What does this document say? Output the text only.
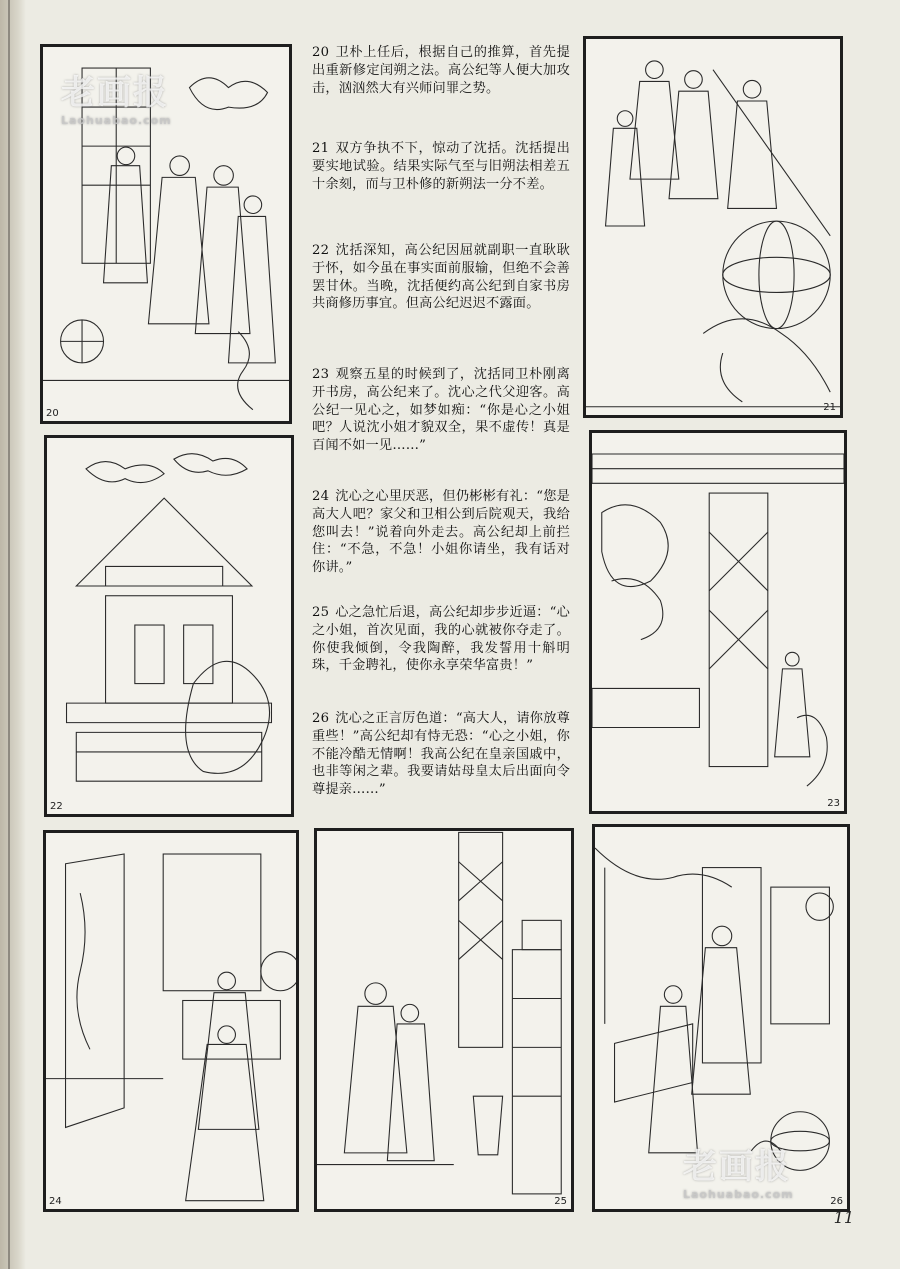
老画报
Laohuabao.com
20
21
22	23
24	25
老画报
Laohuabao.com
26
20 卫朴上任后，根据自己的推算，首先提出重新修定闰朔之法。高公纪等人便大加攻击，汹汹然大有兴师问罪之势。
21 双方争执不下，惊动了沈括。沈括提出要实地试验。结果实际气至与旧朔法相差五十余刻，而与卫朴修的新朔法一分不差。
22 沈括深知，高公纪因屈就副职一直耿耿于怀，如今虽在事实面前服输，但绝不会善罢甘休。当晚，沈括便约高公纪到自家书房共商修历事宜。但高公纪迟迟不露面。
23 观察五星的时候到了，沈括同卫朴刚离开书房，高公纪来了。沈心之代父迎客。高公纪一见心之，如梦如痴：“你是心之小姐吧？人说沈小姐才貌双全，果不虚传！真是百闻不如一见……”
24 沈心之心里厌恶，但仍彬彬有礼：“您是高大人吧？家父和卫相公到后院观天，我给您叫去！”说着向外走去。高公纪却上前拦住：“不急，不急！小姐你请坐，我有话对你讲。”
25 心之急忙后退，高公纪却步步近逼：“心之小姐，首次见面，我的心就被你夺走了。你使我倾倒，令我陶醉，我发誓用十斛明珠，千金聘礼，使你永享荣华富贵！”
26 沈心之正言厉色道：“高大人，请你放尊重些！”高公纪却有恃无恐：“心之小姐，你不能冷酷无情啊！我高公纪在皇亲国戚中，也非等闲之辈。我要请姑母皇太后出面向令尊提亲……”
11
